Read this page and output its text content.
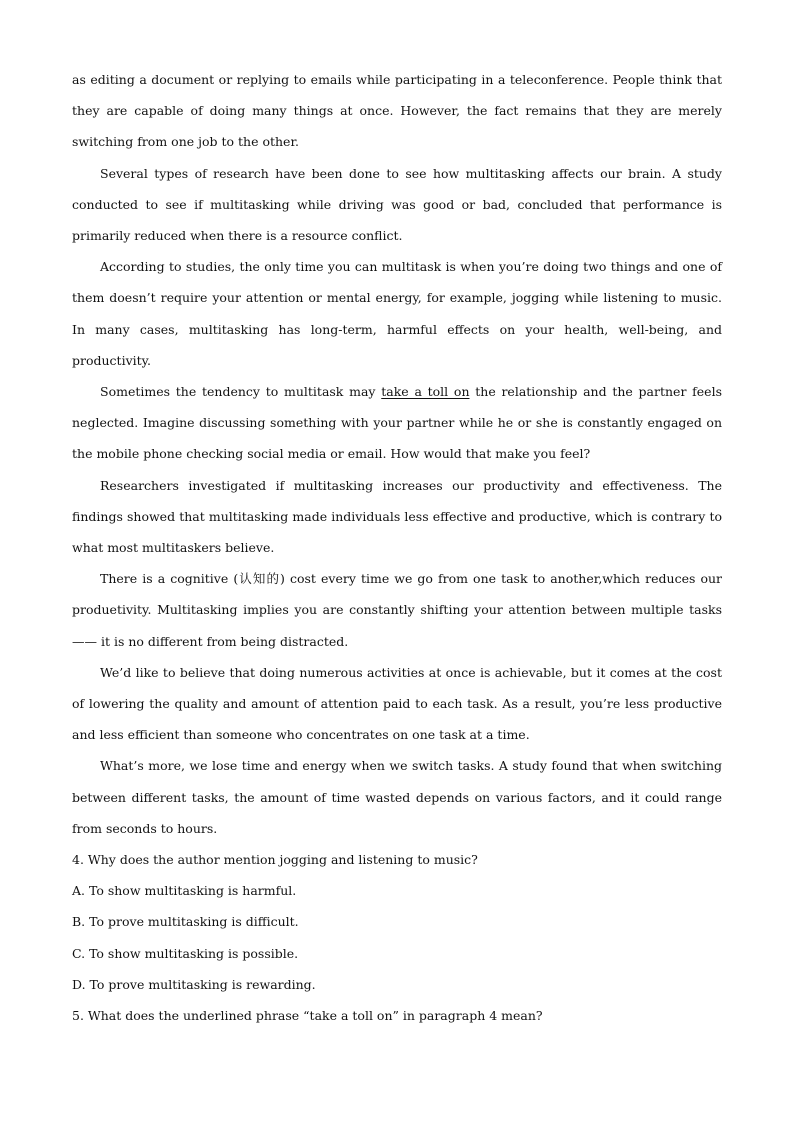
as editing a document or replying to emails while participating in a teleconference. People think that they are capable of doing many things at once. However, the fact remains that they are merely switching from one job to the other.

Several types of research have been done to see how multitasking affects our brain. A study conducted to see if multitasking while driving was good or bad, concluded that performance is primarily reduced when there is a resource conflict.

According to studies, the only time you can multitask is when you’re doing two things and one of them doesn’t require your attention or mental energy, for example, jogging while listening to music. In many cases, multitasking has long-term, harmful effects on your health, well-being, and productivity.

Sometimes the tendency to multitask may take a toll on the relationship and the partner feels neglected. Imagine discussing something with your partner while he or she is constantly engaged on the mobile phone checking social media or email. How would that make you feel?

Researchers investigated if multitasking increases our productivity and effectiveness. The findings showed that multitasking made individuals less effective and productive, which is contrary to what most multitaskers believe.

There is a cognitive (认知的) cost every time we go from one task to another,which reduces our produetivity. Multitasking implies you are constantly shifting your attention between multiple tasks —— it is no different from being distracted.

We’d like to believe that doing numerous activities at once is achievable, but it comes at the cost of lowering the quality and amount of attention paid to each task. As a result, you’re less productive and less efficient than someone who concentrates on one task at a time.

What’s more, we lose time and energy when we switch tasks. A study found that when switching between different tasks, the amount of time wasted depends on various factors, and it could range from seconds to hours.

4. Why does the author mention jogging and listening to music?

A. To show multitasking is harmful.

B. To prove multitasking is difficult.

C. To show multitasking is possible.

D. To prove multitasking is rewarding.

5. What does the underlined phrase “take a toll on” in paragraph 4 mean?
